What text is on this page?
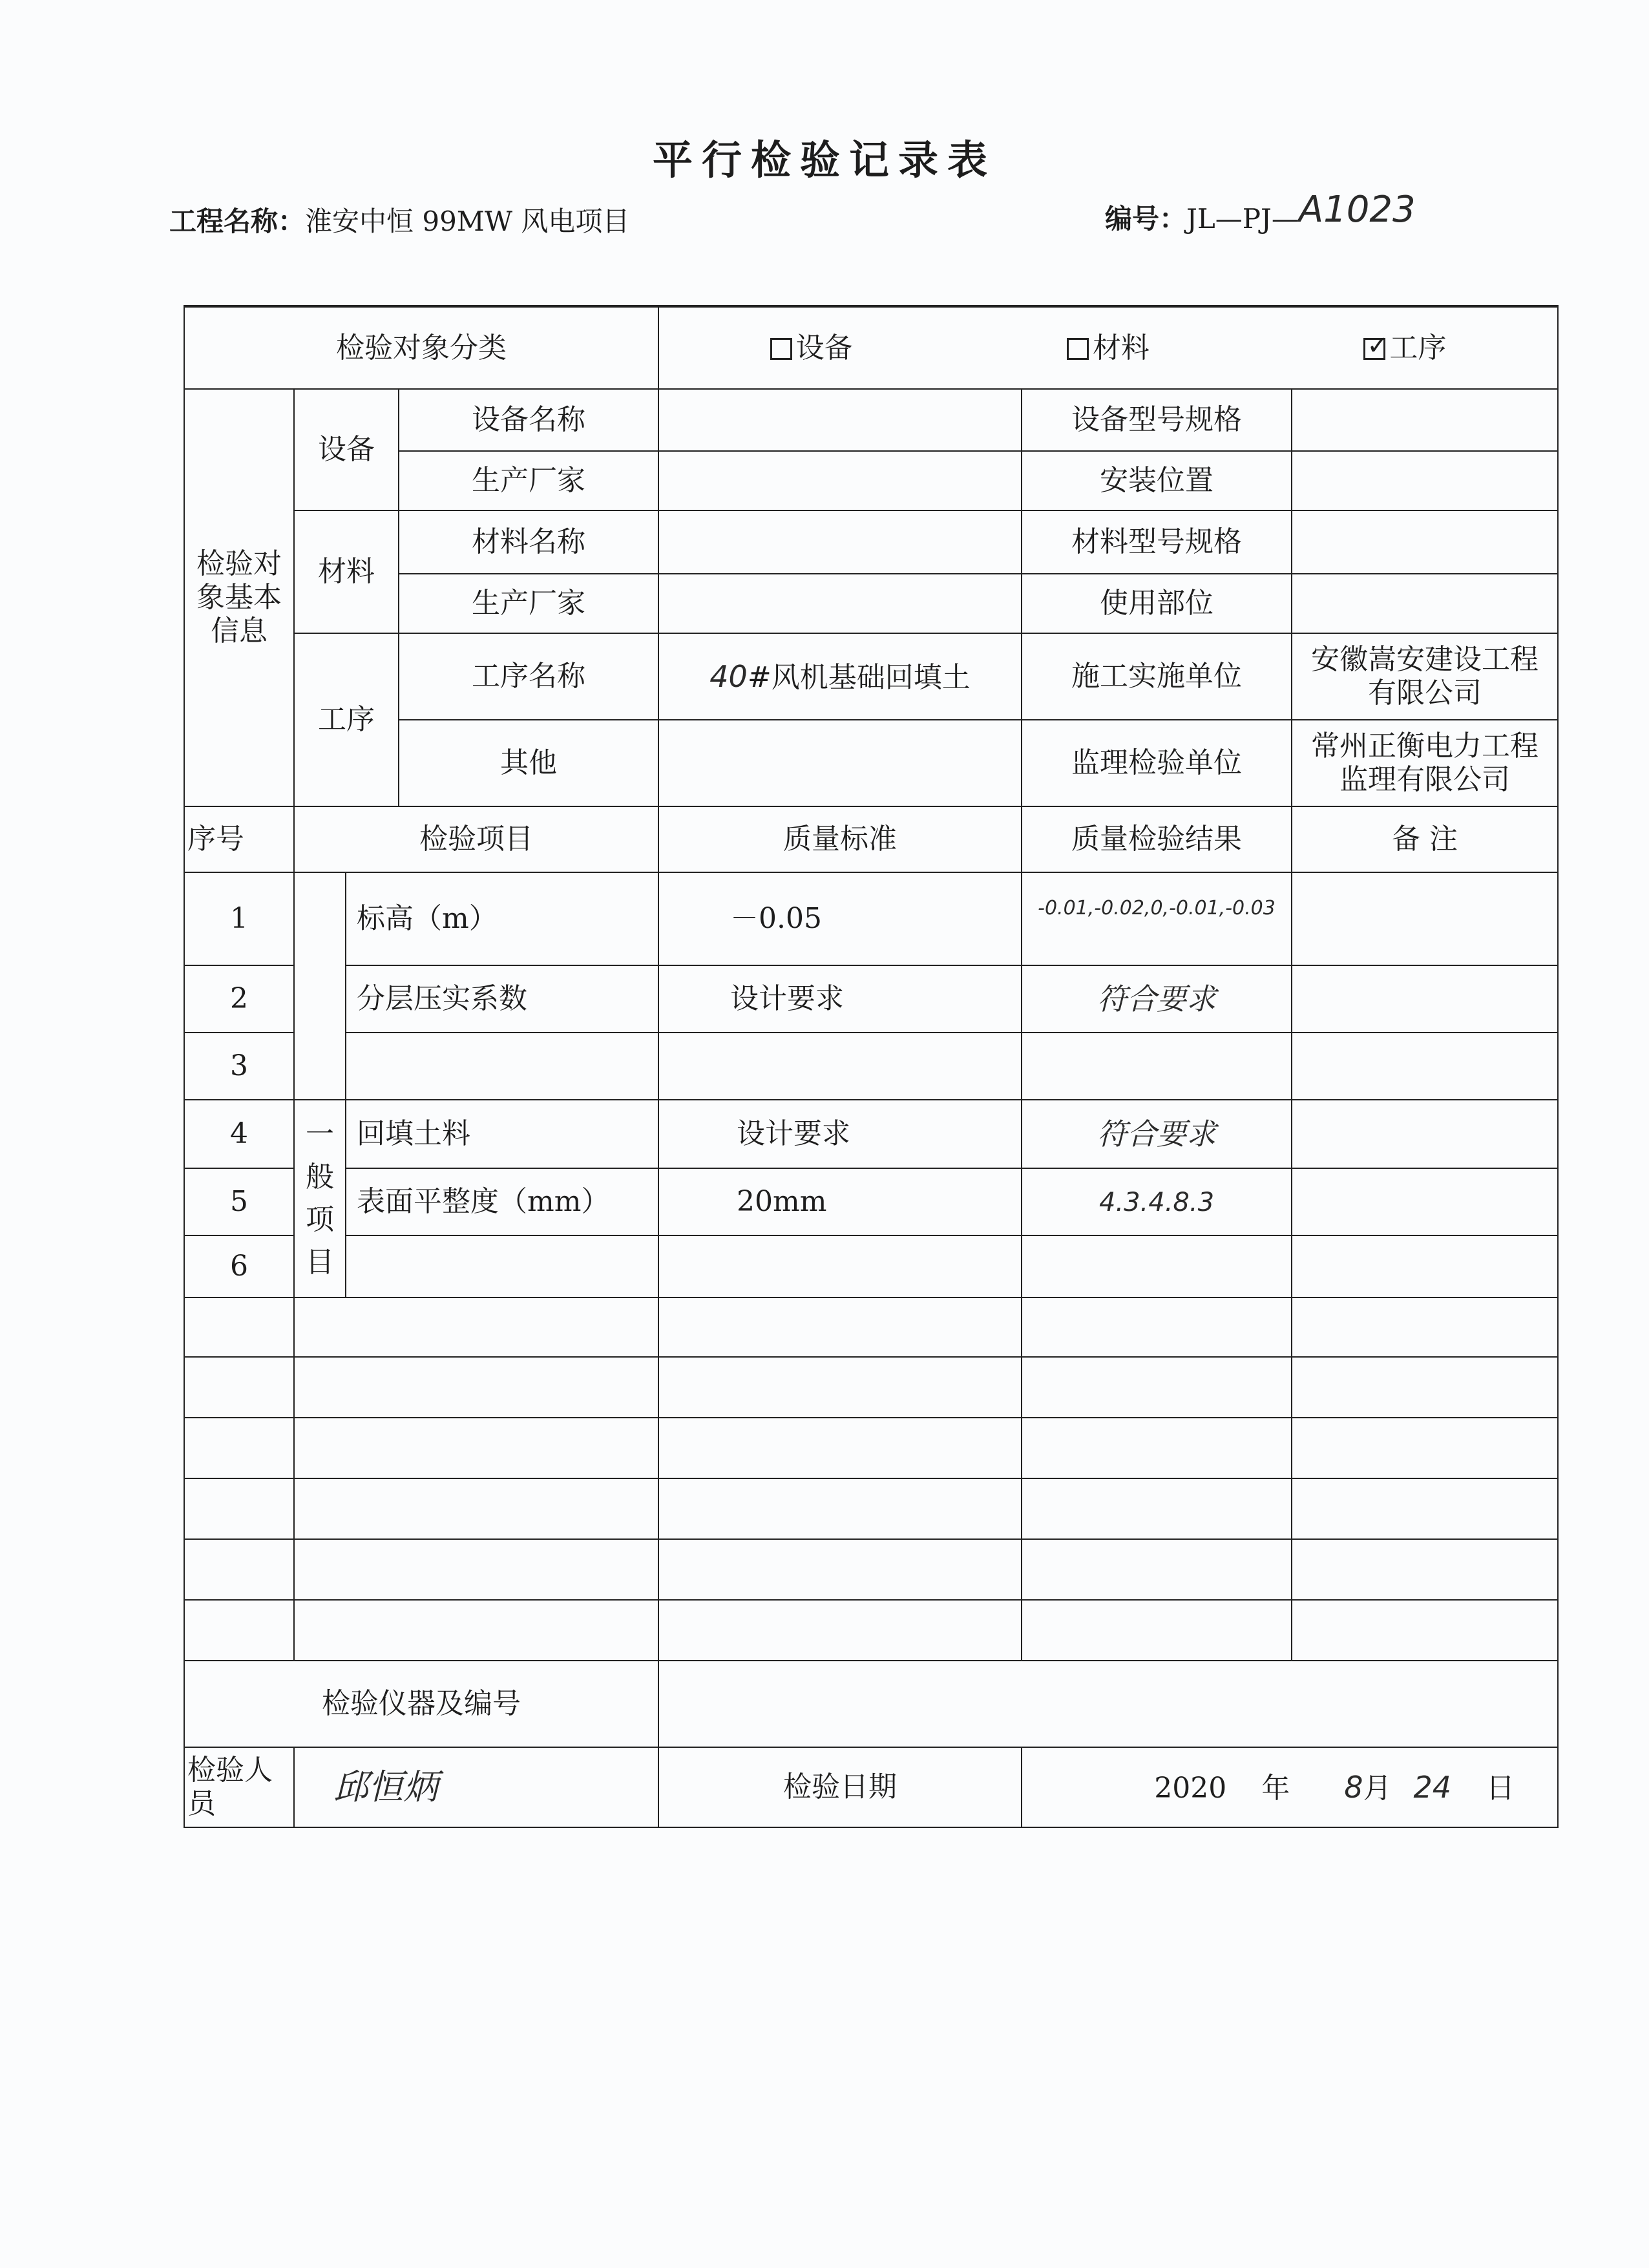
平行检验记录表
工程名称：淮安中恒 99MW 风电项目	编号：JL—PJ—A1023
检验对象分类				设备 材料 ✓ 工序

检验对象基本信息	设备		设备名称		设备型号规格	
			生产厂家		安装位置	
	材料		材料名称		材料型号规格	
			生产厂家		使用部位	
	工序		工序名称	40#风机基础回填土	施工实施单位	安徽嵩安建设工程有限公司
			其他		监理检验单位	常州正衡电力工程监理有限公司
序号	检验项目			质量标准	质量检验结果	备 注
1		标高（m）		－0.05	-0.01,-0.02,0,-0.01,-0.03	
2		分层压实系数		设计要求	符合要求	
3						
4	一般项目	回填土料		设计要求	符合要求	
5		表面平整度（mm）		20mm	4.3.4.8.3	
6						

检验仪器及编号						
检验人员	邱恒炳			检验日期	2020 年 8月 24 日	
